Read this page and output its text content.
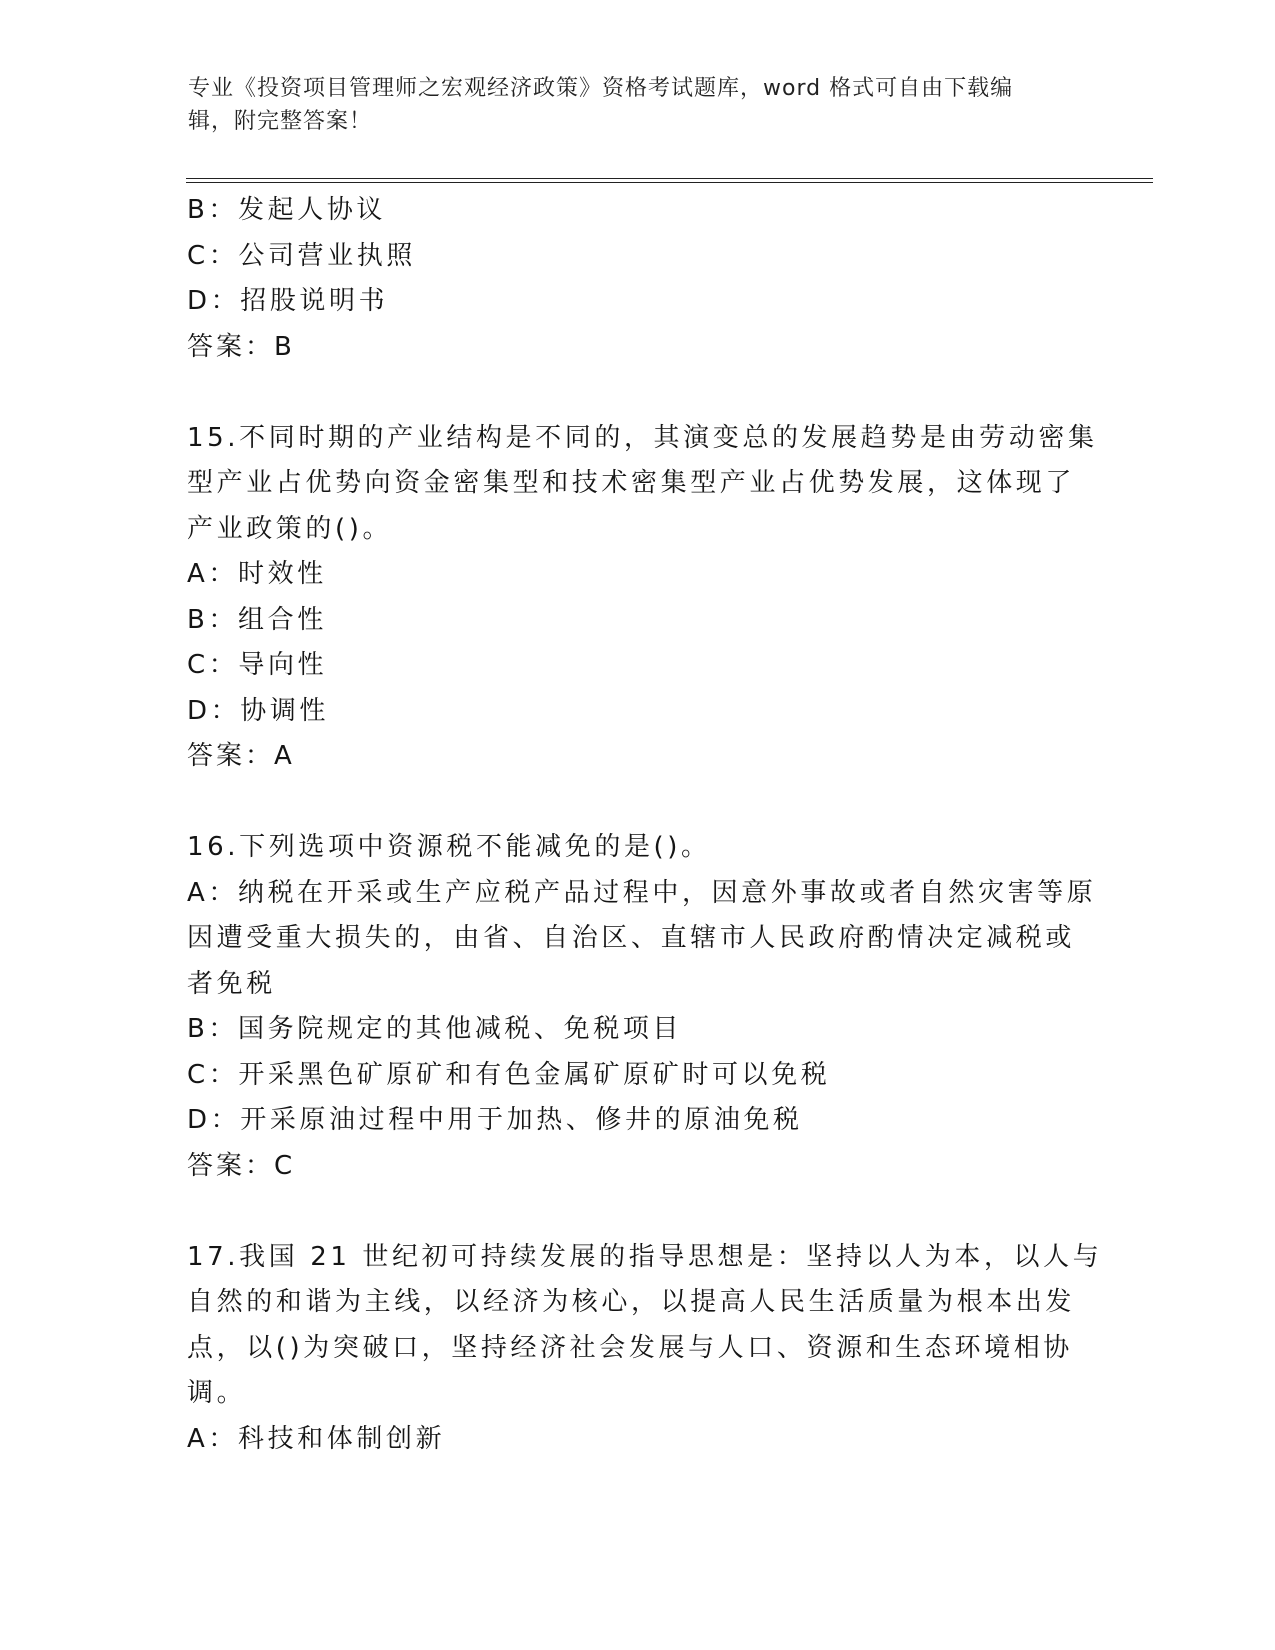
专业《投资项目管理师之宏观经济政策》资格考试题库，word 格式可自由下载编
辑，附完整答案！
B：发起人协议
C：公司营业执照
D：招股说明书
答案：B
15.不同时期的产业结构是不同的，其演变总的发展趋势是由劳动密集
型产业占优势向资金密集型和技术密集型产业占优势发展，这体现了
产业政策的()。
A：时效性
B：组合性
C：导向性
D：协调性
答案：A
16.下列选项中资源税不能减免的是()。
A：纳税在开采或生产应税产品过程中，因意外事故或者自然灾害等原
因遭受重大损失的，由省、自治区、直辖市人民政府酌情决定减税或
者免税
B：国务院规定的其他减税、免税项目
C：开采黑色矿原矿和有色金属矿原矿时可以免税
D：开采原油过程中用于加热、修井的原油免税
答案：C
17.我国 21 世纪初可持续发展的指导思想是：坚持以人为本，以人与
自然的和谐为主线，以经济为核心，以提高人民生活质量为根本出发
点，以()为突破口，坚持经济社会发展与人口、资源和生态环境相协
调。
A：科技和体制创新
